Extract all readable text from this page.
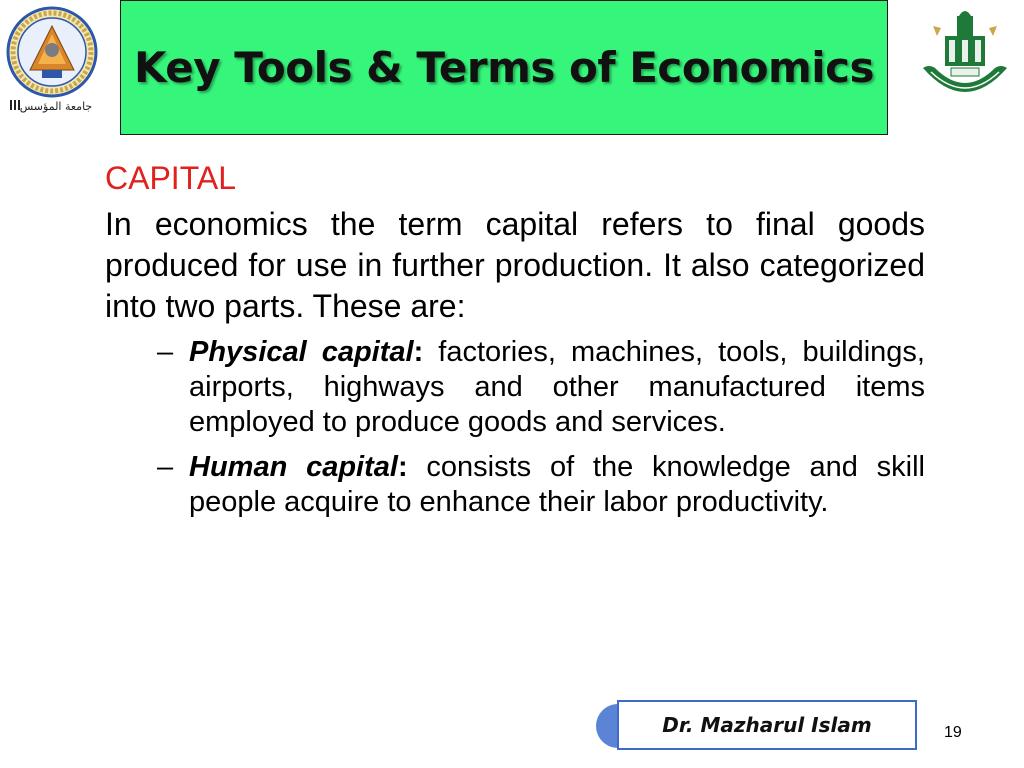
جامعة المؤسس
Key Tools & Terms of Economics

CAPITAL

In economics the term capital refers to final goods produced for use in further production. It also categorized into two parts. These are:

– Physical capital: factories, machines, tools, buildings, airports, highways and other manufactured items employed to produce goods and services.
– Human capital: consists of the knowledge and skill people acquire to enhance their labor productivity.
Dr. Mazharul Islam	19
